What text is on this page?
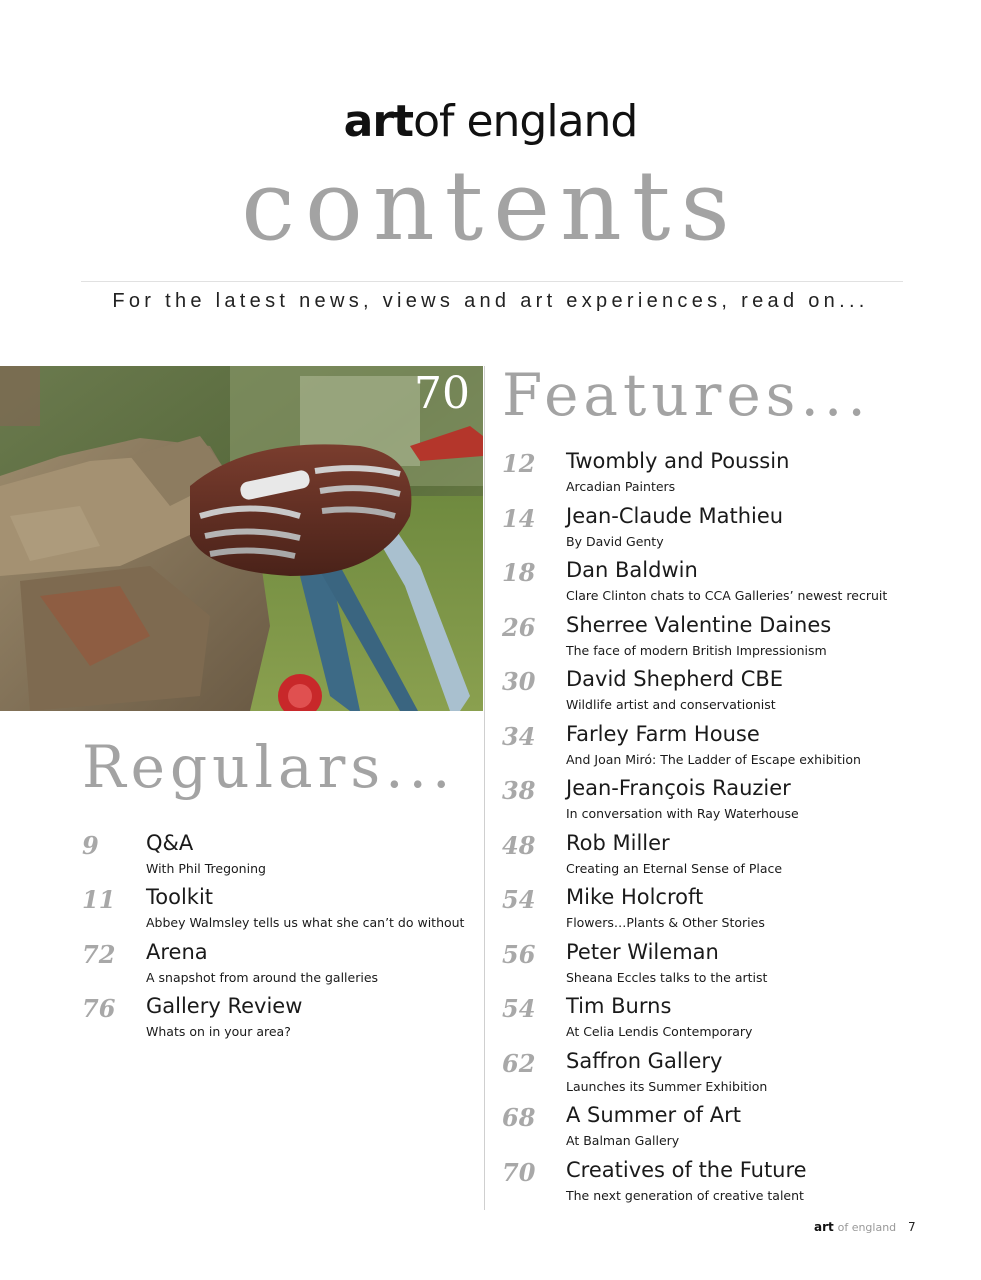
artof england
contents
For the latest news, views and art experiences, read on...
70 Features...
12 Twombly and Poussin
Arcadian Painters
14 Jean-Claude Mathieu
By David Genty
18 Dan Baldwin
Clare Clinton chats to CCA Galleries’ newest recruit
26 Sherree Valentine Daines
The face of modern British Impressionism
30 David Shepherd CBE
Wildlife artist and conservationist
34 Farley Farm House
And Joan Miró: The Ladder of Escape exhibition
38 Jean-François Rauzier
In conversation with Ray Waterhouse
48 Rob Miller
Creating an Eternal Sense of Place
54 Mike Holcroft
Flowers…Plants & Other Stories
56 Peter Wileman
Sheana Eccles talks to the artist
54 Tim Burns
At Celia Lendis Contemporary
62 Saffron Gallery
Launches its Summer Exhibition
68 A Summer of Art
At Balman Gallery
70 Creatives of the Future
The next generation of creative talent
Regulars...
9 Q&A
With Phil Tregoning
11 Toolkit
Abbey Walmsley tells us what she can’t do without
72 Arena
A snapshot from around the galleries
76 Gallery Review
Whats on in your area?
art of england 7
